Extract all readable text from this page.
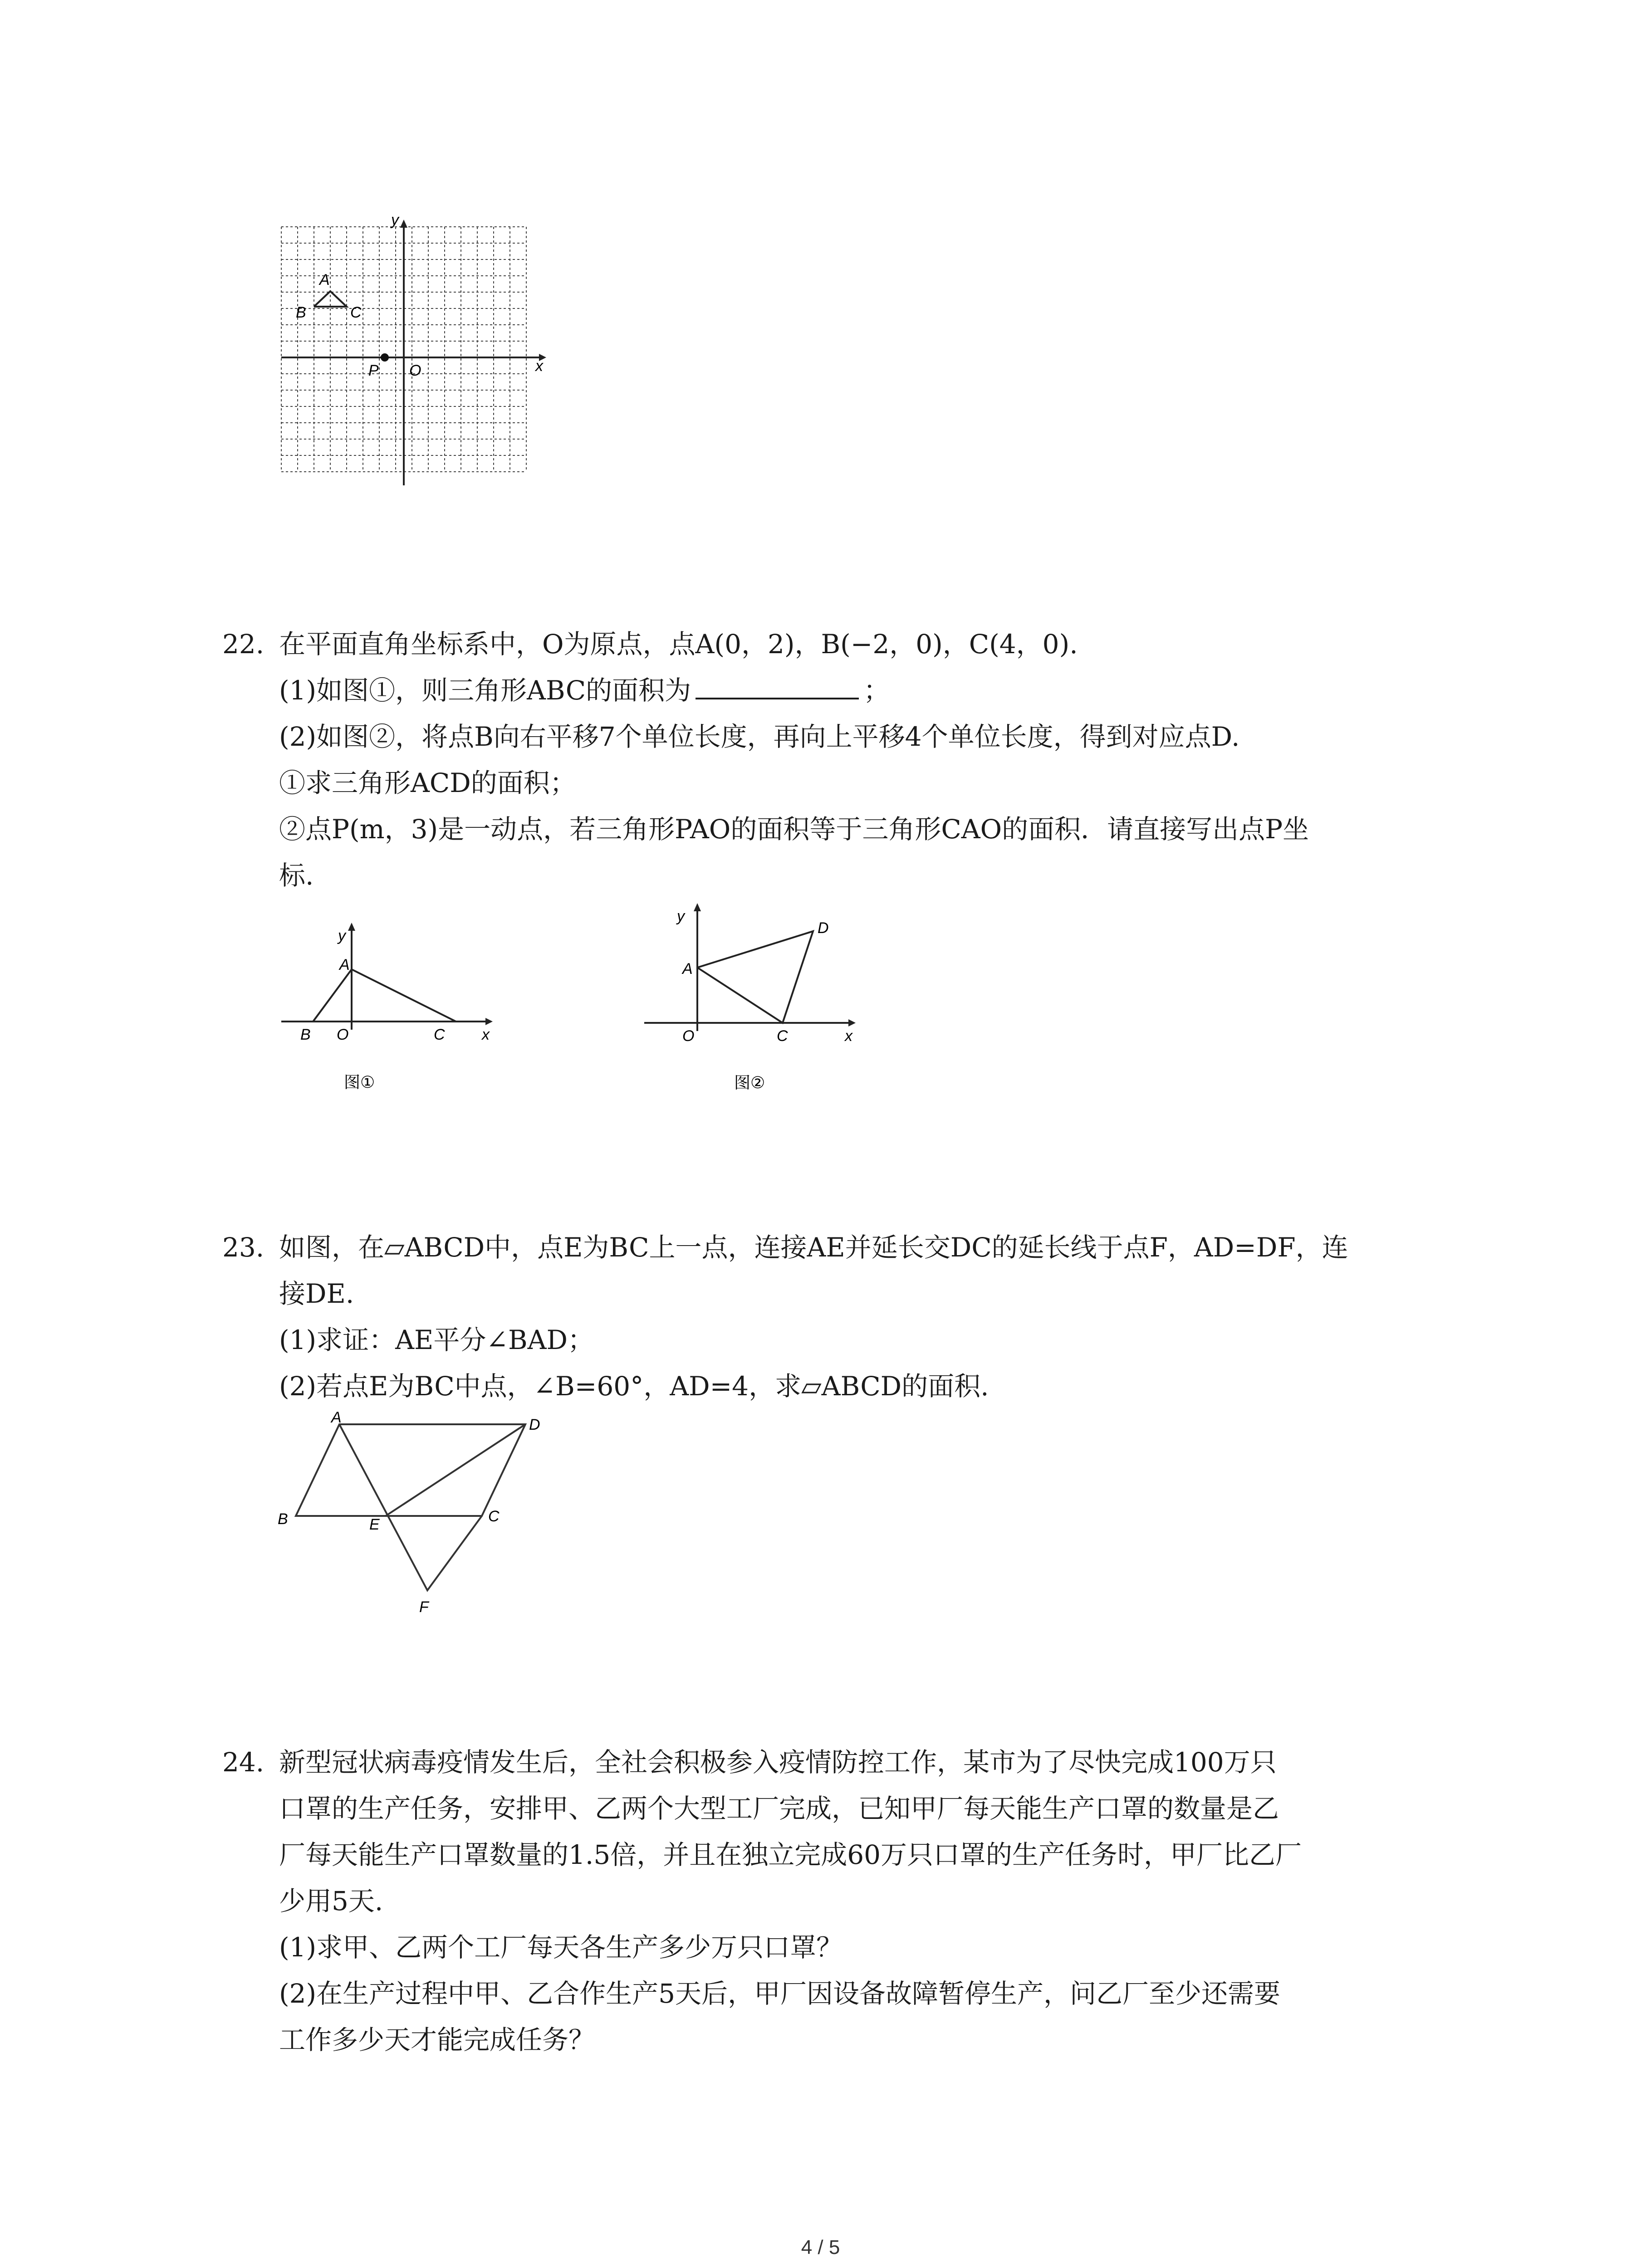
y
x
A
B	C
P O
22. 在平面直角坐标系中，O为原点，点A(0，2)，B(−2，0)，C(4，0).
(1)如图①，则三角形ABC的面积为	；
(2)如图②，将点B向右平移7个单位长度，再向上平移4个单位长度，得到对应点D.
①求三角形ACD的面积；
②点P(m，3)是一动点，若三角形PAO的面积等于三角形CAO的面积．请直接写出点P坐
标.
y
A
B O	C x
图①
y
D
A
O	C	x
图②
23. 如图，在▱ABCD中，点E为BC上一点，连接AE并延长交DC的延长线于点F，AD=DF，连
接DE.
(1)求证：AE平分∠BAD；
(2)若点E为BC中点，∠B=60°，AD=4，求▱ABCD的面积.
A	D
B	E	C
F
24. 新型冠状病毒疫情发生后，全社会积极参入疫情防控工作，某市为了尽快完成100万只
口罩的生产任务，安排甲、乙两个大型工厂完成，已知甲厂每天能生产口罩的数量是乙
厂每天能生产口罩数量的1.5倍，并且在独立完成60万只口罩的生产任务时，甲厂比乙厂
少用5天.
(1)求甲、乙两个工厂每天各生产多少万只口罩？
(2)在生产过程中甲、乙合作生产5天后，甲厂因设备故障暂停生产，问乙厂至少还需要
工作多少天才能完成任务？
4 / 5
